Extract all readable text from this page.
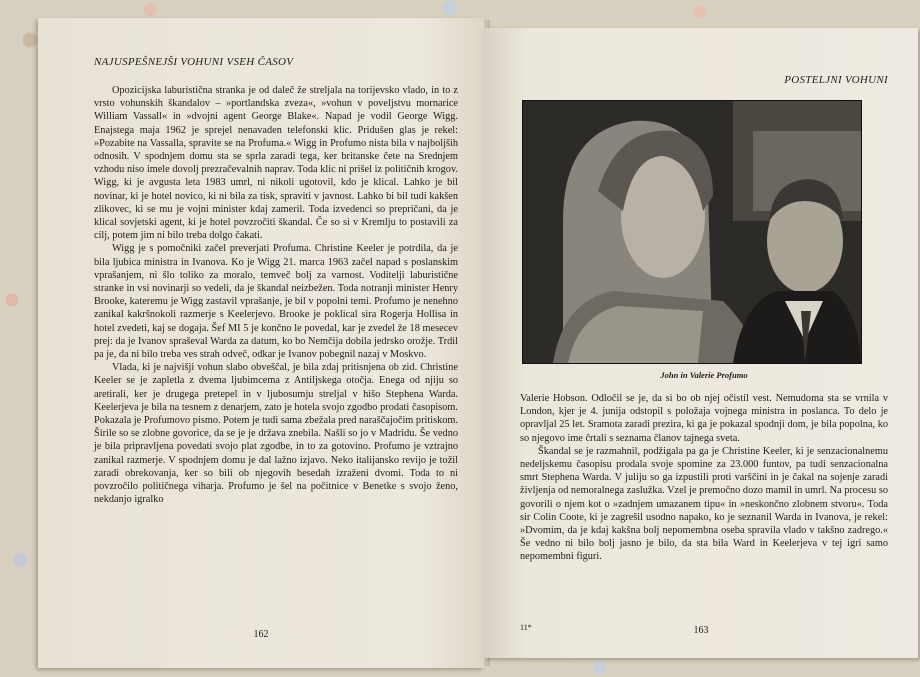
NAJUSPEŠNEJŠI VOHUNI VSEH ČASOV

Opozicijska laburistična stranka je od daleč že streljala na torijevsko vlado, in to z vrsto vohunskih škandalov – »portlandska zveza«, »vohun v poveljstvu mornarice William Vassall« in »dvojni agent George Blake«. Napad je vodil George Wigg. Enajstega maja 1962 je sprejel nenavaden telefonski klic. Pridušen glas je rekel: »Pozabite na Vassalla, spravite se na Profuma.« Wigg in Profumo nista bila v najboljših odnosih. V spodnjem domu sta se sprla zaradi tega, ker britanske čete na Srednjem vzhodu niso imele dovolj prezračevalnih naprav. Toda klic ni prišel iz političnih krogov. Wigg, ki je avgusta leta 1983 umrl, ni nikoli ugotovil, kdo je klical. Lahko je bil novinar, ki je hotel novico, ki ni bila za tisk, spraviti v javnost. Lahko bi bil tudi kakšen zlikovec, ki se mu je vojni minister kdaj zameril. Toda izvedenci so prepričani, da je klical sovjetski agent, ki je hotel povzročiti škandal. Če so si v Kremlju to postavili za cilj, potem jim ni bilo treba dolgo čakati.

Wigg je s pomočniki začel preverjati Profuma. Christine Keeler je potrdila, da je bila ljubica ministra in Ivanova. Ko je Wigg 21. marca 1963 začel napad s poslanskim vprašanjem, ni šlo toliko za moralo, temveč bolj za varnost. Voditelji laburistične stranke in vsi novinarji so vedeli, da je škandal neizbežen. Toda notranji minister Henry Brooke, kateremu je Wigg zastavil vprašanje, je bil v popolni temi. Profumo je nenehno zanikal kakršnokoli razmerje s Keelerjevo. Brooke je poklical sira Rogerja Hollisa in hotel zvedeti, kaj se dogaja. Šef MI 5 je končno le povedal, kar je zvedel že 18 mesecev prej: da je Ivanov spraševal Warda za datum, ko bo Nemčija dobila jedrsko orožje. Trdil pa je, da ni bilo treba ves strah odveč, odkar je Ivanov pobegnil nazaj v Moskvo.

Vlada, ki je najvišji vohun slabo obveščal, je bila zdaj pritisnjena ob zid. Christine Keeler se je zapletla z dvema ljubimcema z Antiljskega otočja. Enega od njiju so aretirali, ker je drugega pretepel in v ljubosumju streljal v hišo Stephena Warda. Keelerjeva je bila na tesnem z denarjem, zato je hotela svojo zgodbo prodati časopisom. Pokazala je Profumovo pismo. Potem je tudi sama zbežala pred naraščajočim pritiskom. Širile so se zlobne govorice, da se je je država znebila. Našli so jo v Madridu. Še vedno je bila pripravljena povedati svojo plat zgodbe, in to za gotovino. Profumo je vztrajno zanikal razmerje. V spodnjem domu je dal lažno izjavo. Neko italijansko revijo je tožil zaradi obrekovanja, ker so bili ob njegovih besedah izraženi dvomi. Toda to ni povzročilo političnega viharja. Profumo je šel na počitnice v Benetke s svojo ženo, nekdanjo igralko

162
POSTELJNI VOHUNI
John in Valerie Profumo

Valerie Hobson. Odločil se je, da si bo ob njej očistil vest. Nemudoma sta se vrnila v London, kjer je 4. junija odstopil s položaja vojnega ministra in poslanca. To delo je opravljal 25 let. Sramota zaradi prezira, ki ga je pokazal spodnji dom, je bila popolna, ko so njegovo ime črtali s seznama članov tajnega sveta.

Škandal se je razmahnil, podžigala pa ga je Christine Keeler, ki je senzacionalnemu nedeljskemu časopisu prodala svoje spomine za 23.000 funtov, pa tudi senzacionalna smrt Stephena Warda. V juliju so ga izpustili proti varščini in je čakal na sojenje zaradi življenja od nemoralnega zaslužka. Vzel je premočno dozo mamil in umrl. Na procesu so govorili o njem kot o »zadnjem umazanem tipu« in »neskončno zlobnem stvoru«. Toda sir Colin Coote, ki je zagrešil usodno napako, ko je seznanil Warda in Ivanova, je rekel: »Dvomim, da je kdaj kakšna bolj nepomembna oseba spravila vlado v takšno zadrego.« Še vedno ni bilo bolj jasno je bilo, da sta bila Ward in Keelerjeva v tej igri samo nepomembni figuri.

11*	163
